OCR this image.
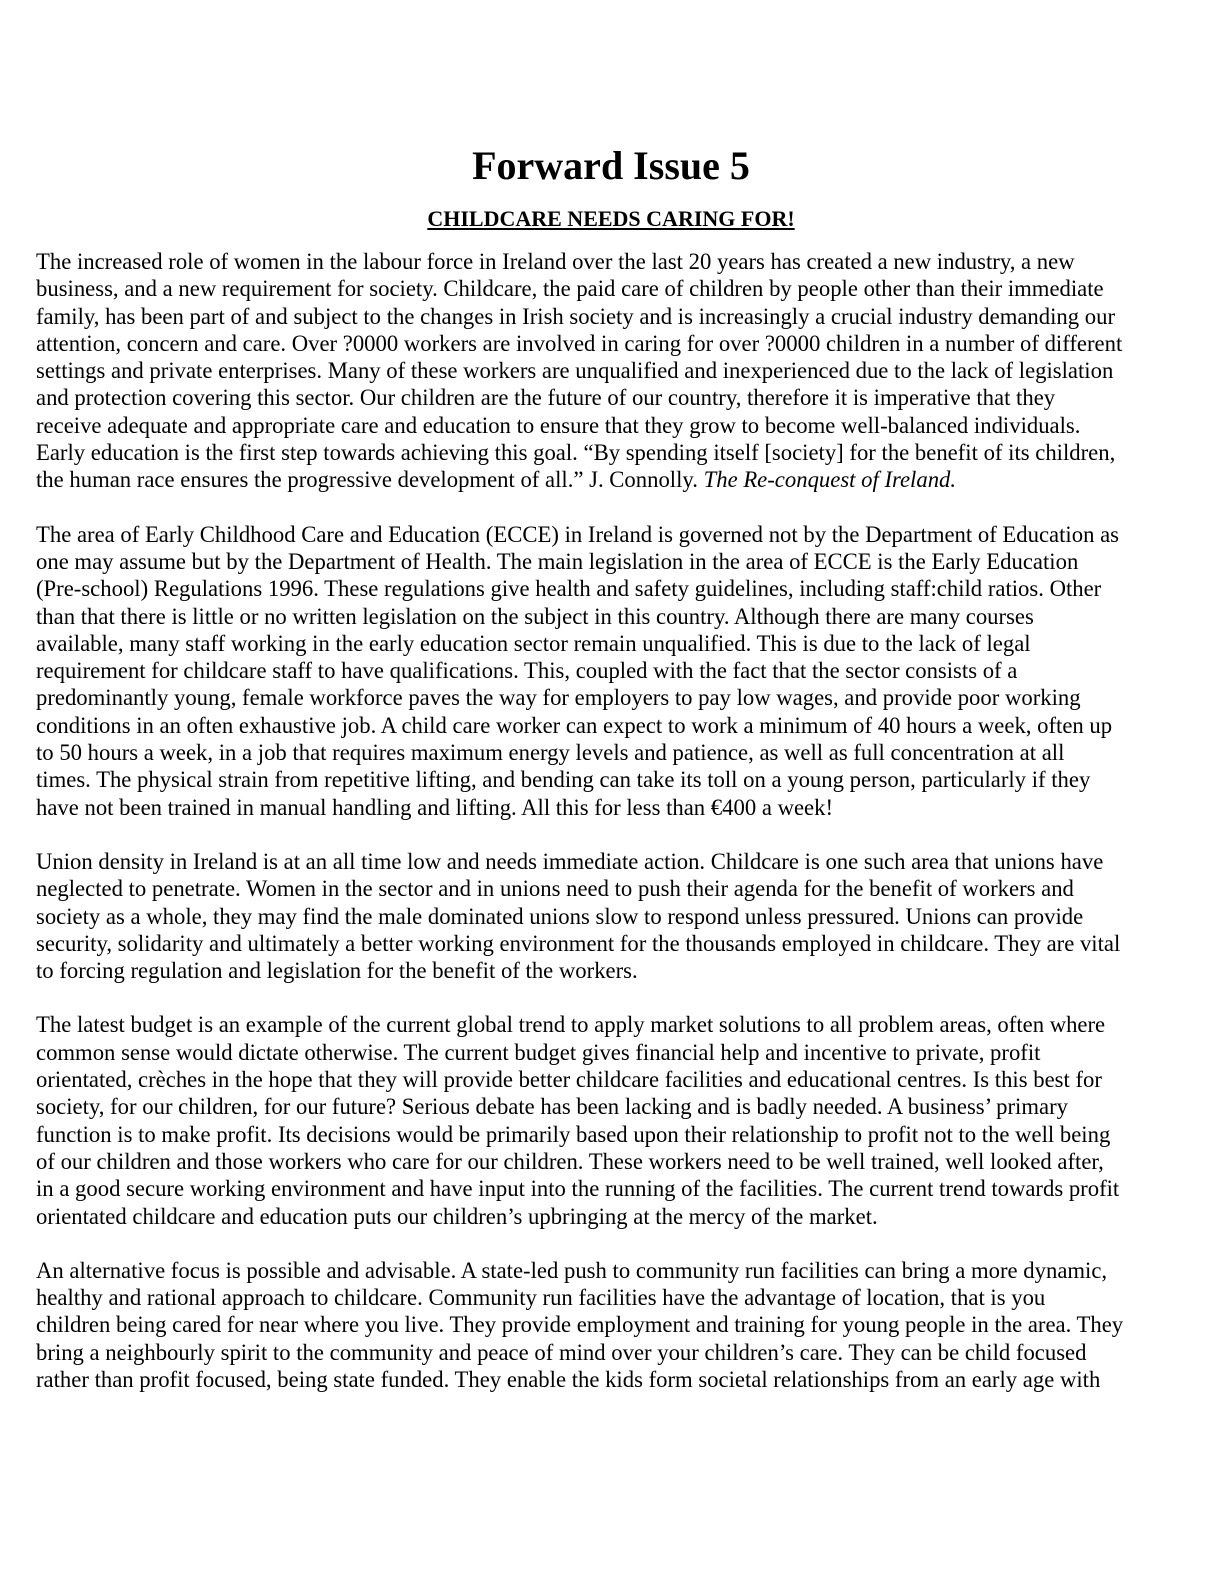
Forward Issue 5
CHILDCARE NEEDS CARING FOR!
The increased role of women in the labour force in Ireland over the last 20 years has created a new industry, a new
business, and a new requirement for society. Childcare, the paid care of children by people other than their immediate
family, has been part of and subject to the changes in Irish society and is increasingly a crucial industry demanding our
attention, concern and care. Over ?0000 workers are involved in caring for over ?0000 children in a number of different
settings and private enterprises. Many of these workers are unqualified and inexperienced due to the lack of legislation
and protection covering this sector. Our children are the future of our country, therefore it is imperative that they
receive adequate and appropriate care and education to ensure that they grow to become well-balanced individuals.
Early education is the first step towards achieving this goal. “By spending itself [society] for the benefit of its children,
the human race ensures the progressive development of all.” J. Connolly. The Re-conquest of Ireland.
The area of Early Childhood Care and Education (ECCE) in Ireland is governed not by the Department of Education as
one may assume but by the Department of Health. The main legislation in the area of ECCE is the Early Education
(Pre-school) Regulations 1996. These regulations give health and safety guidelines, including staff:child ratios. Other
than that there is little or no written legislation on the subject in this country. Although there are many courses
available, many staff working in the early education sector remain unqualified. This is due to the lack of legal
requirement for childcare staff to have qualifications. This, coupled with the fact that the sector consists of a
predominantly young, female workforce paves the way for employers to pay low wages, and provide poor working
conditions in an often exhaustive job. A child care worker can expect to work a minimum of 40 hours a week, often up
to 50 hours a week, in a job that requires maximum energy levels and patience, as well as full concentration at all
times. The physical strain from repetitive lifting, and bending can take its toll on a young person, particularly if they
have not been trained in manual handling and lifting. All this for less than €400 a week!
Union density in Ireland is at an all time low and needs immediate action. Childcare is one such area that unions have
neglected to penetrate. Women in the sector and in unions need to push their agenda for the benefit of workers and
society as a whole, they may find the male dominated unions slow to respond unless pressured. Unions can provide
security, solidarity and ultimately a better working environment for the thousands employed in childcare. They are vital
to forcing regulation and legislation for the benefit of the workers.
The latest budget is an example of the current global trend to apply market solutions to all problem areas, often where
common sense would dictate otherwise. The current budget gives financial help and incentive to private, profit
orientated, crèches in the hope that they will provide better childcare facilities and educational centres. Is this best for
society, for our children, for our future? Serious debate has been lacking and is badly needed. A business’ primary
function is to make profit. Its decisions would be primarily based upon their relationship to profit not to the well being
of our children and those workers who care for our children. These workers need to be well trained, well looked after,
in a good secure working environment and have input into the running of the facilities. The current trend towards profit
orientated childcare and education puts our children’s upbringing at the mercy of the market.
An alternative focus is possible and advisable. A state-led push to community run facilities can bring a more dynamic,
healthy and rational approach to childcare. Community run facilities have the advantage of location, that is you
children being cared for near where you live. They provide employment and training for young people in the area. They
bring a neighbourly spirit to the community and peace of mind over your children’s care. They can be child focused
rather than profit focused, being state funded. They enable the kids form societal relationships from an early age with
